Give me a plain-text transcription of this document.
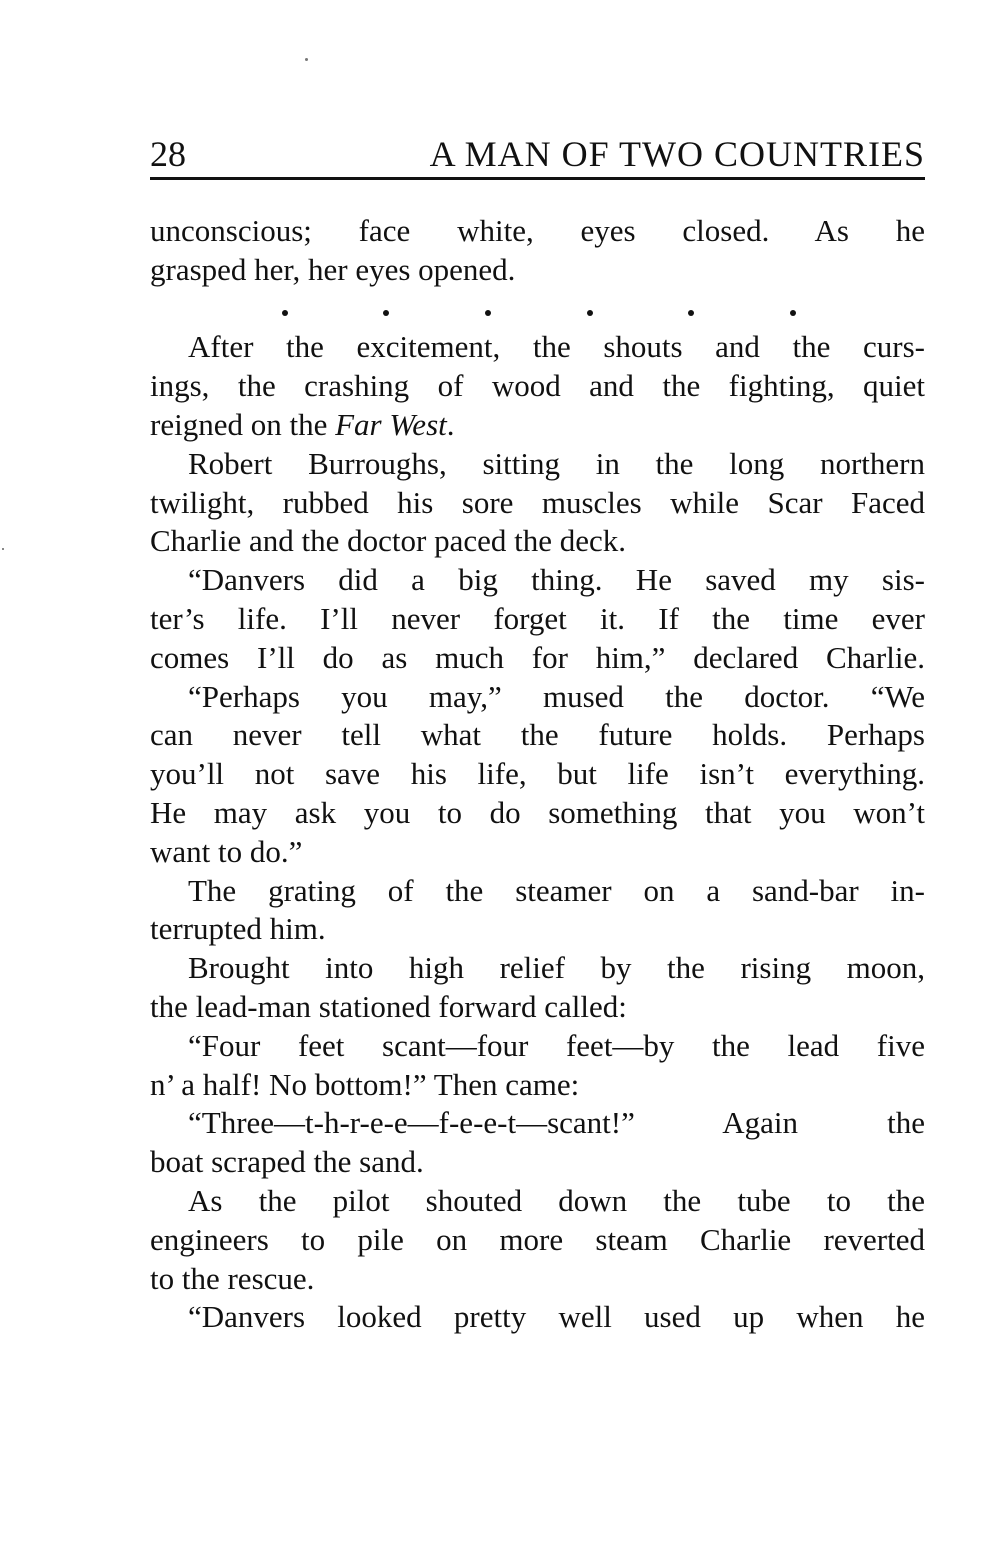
28	A MAN OF TWO COUNTRIES
unconscious; face white, eyes closed. As he
grasped her, her eyes opened.
After the excitement, the shouts and the curs-
ings, the crashing of wood and the fighting, quiet
reigned on the Far West.
Robert Burroughs, sitting in the long northern
twilight, rubbed his sore muscles while Scar Faced
Charlie and the doctor paced the deck.
“Danvers did a big thing. He saved my sis-
ter’s life. I’ll never forget it. If the time ever
comes I’ll do as much for him,” declared Charlie.
“Perhaps you may,” mused the doctor. “We
can never tell what the future holds. Perhaps
you’ll not save his life, but life isn’t everything.
He may ask you to do something that you won’t
want to do.”
The grating of the steamer on a sand-bar in-
terrupted him.
Brought into high relief by the rising moon,
the lead-man stationed forward called:
“Four feet scant—four feet—by the lead five
n’ a half! No bottom!” Then came:
“Three—t-h-r-e-e—f-e-e-t—scant!” Again the
boat scraped the sand.
As the pilot shouted down the tube to the
engineers to pile on more steam Charlie reverted
to the rescue.
“Danvers looked pretty well used up when he
